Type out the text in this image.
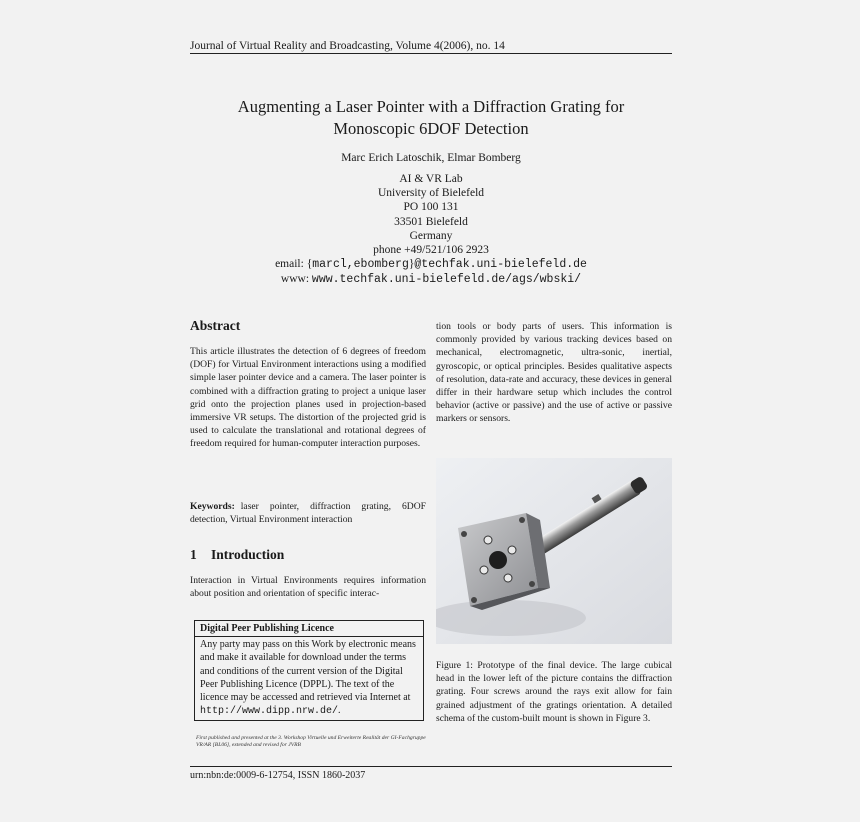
Journal of Virtual Reality and Broadcasting, Volume 4(2006), no. 14
Augmenting a Laser Pointer with a Diffraction Grating for
Monoscopic 6DOF Detection
Marc Erich Latoschik, Elmar Bomberg
AI & VR Lab
University of Bielefeld
PO 100 131
33501 Bielefeld
Germany
phone +49/521/106 2923
email: {marcl,ebomberg}@techfak.uni-bielefeld.de
www: www.techfak.uni-bielefeld.de/ags/wbski/
Abstract
This article illustrates the detection of 6 degrees of freedom (DOF) for Virtual Environment interactions using a modified simple laser pointer device and a camera. The laser pointer is combined with a diffraction grating to project a unique laser grid onto the projection planes used in projection-based immersive VR setups. The distortion of the projected grid is used to calculate the translational and rotational degrees of freedom required for human-computer interaction purposes.
Keywords: laser pointer, diffraction grating, 6DOF detection, Virtual Environment interaction
1 Introduction
Interaction in Virtual Environments requires information about position and orientation of specific interac-
Digital Peer Publishing Licence
Any party may pass on this Work by electronic means and make it available for download under the terms and conditions of the current version of the Digital Peer Publishing Licence (DPPL). The text of the licence may be accessed and retrieved via Internet at http://www.dipp.nrw.de/.
First published and presented at the 3. Workshop Virtuelle und Erweiterte Realität der GI-Fachgruppe VR/AR [BL06], extended and revised for JVRB
tion tools or body parts of users. This information is commonly provided by various tracking devices based on mechanical, electromagnetic, ultra-sonic, inertial, gyroscopic, or optical principles. Besides qualitative aspects of resolution, data-rate and accuracy, these devices in general differ in their hardware setup which includes the control behavior (active or passive) and the use of active or passive markers or sensors.
Figure 1: Prototype of the final device. The large cubical head in the lower left of the picture contains the diffraction grating. Four screws around the rays exit allow for fain grained adjustment of the gratings orientation. A detailed schema of the custom-built mount is shown in Figure 3.
urn:nbn:de:0009-6-12754, ISSN 1860-2037
